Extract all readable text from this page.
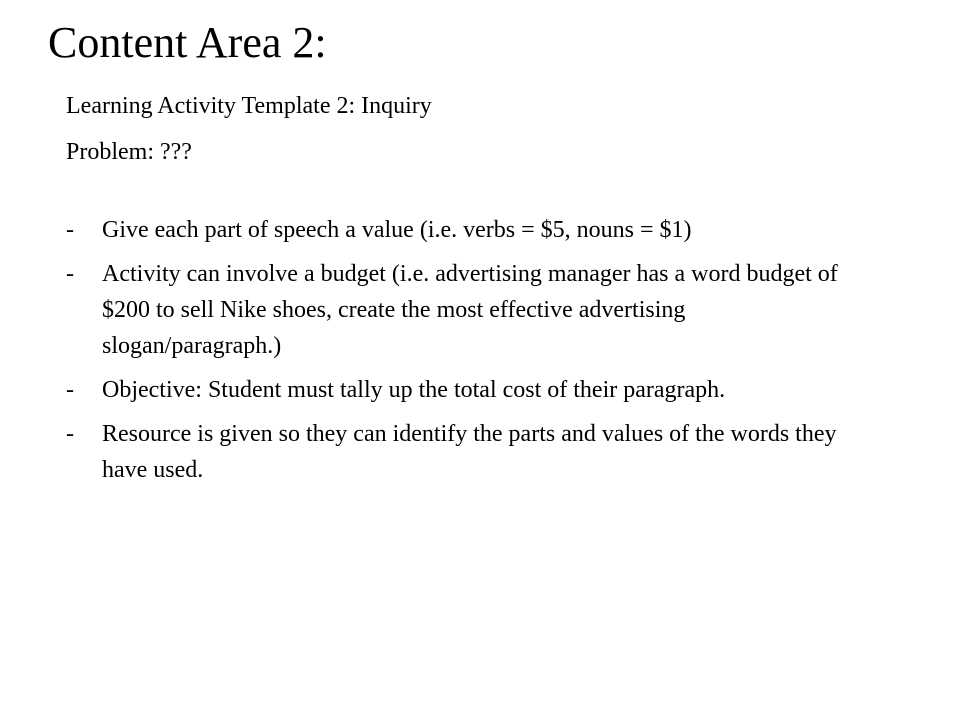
Content Area 2:

Learning Activity Template 2: Inquiry

Problem: ???

-	Give each part of speech a value (i.e. verbs = $5, nouns = $1)
-	Activity can involve a budget (i.e. advertising manager has a word budget of $200 to sell Nike shoes, create the most effective advertising slogan/paragraph.)
-	Objective: Student must tally up the total cost of their paragraph.
-	Resource is given so they can identify the parts and values of the words they have used.
